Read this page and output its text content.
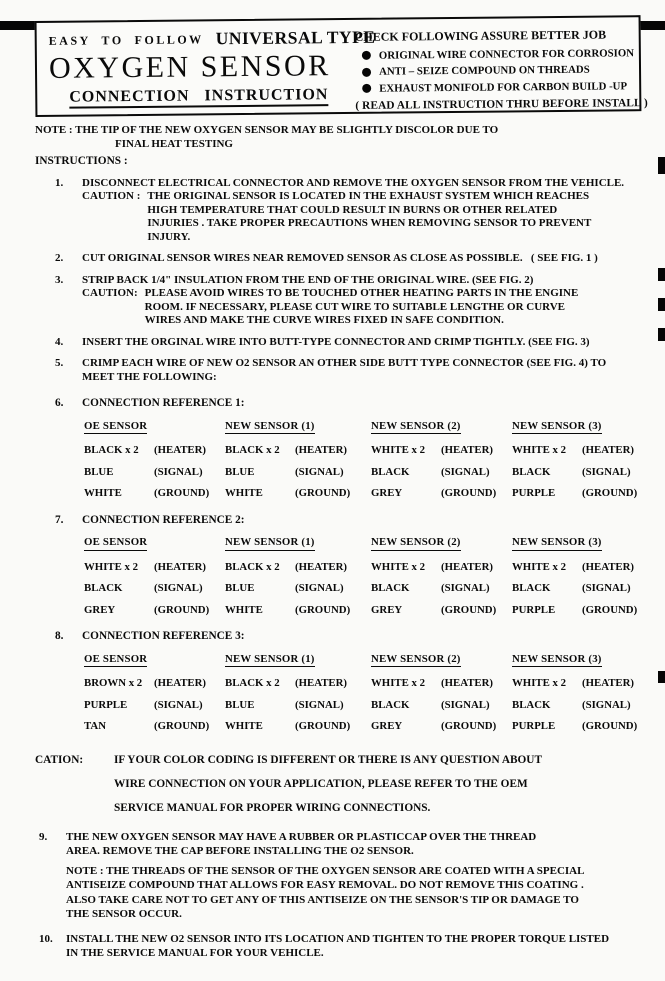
EASY  TO  FOLLOW UNIVERSAL TYPE
OXYGEN SENSOR
CONNECTION   INSTRUCTION
CHECK FOLLOWING ASSURE BETTER JOB
ORIGINAL WIRE CONNECTOR FOR CORROSION
ANTI – SEIZE COMPOUND ON THREADS
EXHAUST MONIFOLD FOR CARBON BUILD -UP
( READ ALL INSTRUCTION THRU BEFORE INSTALL )
NOTE : THE TIP OF THE NEW OXYGEN SENSOR MAY BE SLIGHTLY DISCOLOR DUE TO
FINAL HEAT TESTING
INSTRUCTIONS :
1.	DISCONNECT ELECTRICAL CONNECTOR AND REMOVE THE OXYGEN SENSOR FROM THE VEHICLE.
CAUTION : THE ORIGINAL SENSOR IS LOCATED IN THE EXHAUST SYSTEM WHICH REACHES HIGH TEMPERATURE THAT COULD RESULT IN BURNS OR OTHER RELATED INJURIES . TAKE PROPER PRECAUTIONS WHEN REMOVING SENSOR TO PREVENT INJURY.
2.	CUT ORIGINAL SENSOR WIRES NEAR REMOVED SENSOR AS CLOSE AS POSSIBLE.   ( SEE FIG. 1 )
3.	STRIP BACK 1/4" INSULATION FROM THE END OF THE ORIGINAL WIRE. (SEE FIG. 2)
CAUTION: PLEASE AVOID WIRES TO BE TOUCHED OTHER HEATING PARTS IN THE ENGINE ROOM. IF NECESSARY, PLEASE CUT WIRE TO SUITABLE LENGTHE OR CURVE WIRES AND MAKE THE CURVE WIRES FIXED IN SAFE CONDITION.
4.	INSERT THE ORGINAL WIRE INTO BUTT-TYPE CONNECTOR AND CRIMP TIGHTLY. (SEE FIG. 3)
5.	CRIMP EACH WIRE OF NEW O2 SENSOR AN OTHER SIDE BUTT TYPE CONNECTOR (SEE FIG. 4) TO MEET THE FOLLOWING:
6.	CONNECTION REFERENCE 1:
OE SENSOR	NEW SENSOR (1)	NEW SENSOR (2)	NEW SENSOR (3)
BLACK x 2 (HEATER)	BLACK x 2 (HEATER)	WHITE x 2 (HEATER)	WHITE x 2 (HEATER)
BLUE	(SIGNAL)	BLUE	(SIGNAL)	BLACK	(SIGNAL)	BLACK	(SIGNAL)
WHITE	(GROUND)	WHITE	(GROUND)	GREY	(GROUND)	PURPLE (GROUND)
7.	CONNECTION REFERENCE 2:
OE SENSOR	NEW SENSOR (1)	NEW SENSOR (2)	NEW SENSOR (3)
WHITE x 2 (HEATER)	BLACK x 2 (HEATER)	WHITE x 2 (HEATER)	WHITE x 2 (HEATER)
BLACK	(SIGNAL)	BLUE	(SIGNAL)	BLACK	(SIGNAL)	BLACK	(SIGNAL)
GREY	(GROUND)	WHITE	(GROUND)	GREY	(GROUND)	PURPLE (GROUND)
8.	CONNECTION REFERENCE 3:
OE SENSOR	NEW SENSOR (1)	NEW SENSOR (2)	NEW SENSOR (3)
BROWN x 2 (HEATER)	BLACK x 2 (HEATER)	WHITE x 2 (HEATER)	WHITE x 2 (HEATER)
PURPLE (SIGNAL)	BLUE	(SIGNAL)	BLACK	(SIGNAL)	BLACK	(SIGNAL)
TAN	(GROUND)	WHITE	(GROUND)	GREY	(GROUND)	PURPLE (GROUND)
CATION:	IF YOUR COLOR CODING IS DIFFERENT OR THERE IS ANY QUESTION ABOUT WIRE CONNECTION ON YOUR APPLICATION, PLEASE REFER TO THE OEM SERVICE MANUAL FOR PROPER WIRING CONNECTIONS.
9.	THE NEW OXYGEN SENSOR MAY HAVE A RUBBER OR PLASTICCAP OVER THE THREAD AREA. REMOVE THE CAP BEFORE INSTALLING THE O2 SENSOR.
NOTE : THE THREADS OF THE SENSOR OF THE OXYGEN SENSOR ARE COATED WITH A SPECIAL ANTISEIZE COMPOUND THAT ALLOWS FOR EASY REMOVAL. DO NOT REMOVE THIS COATING . ALSO TAKE CARE NOT TO GET ANY OF THIS ANTISEIZE ON THE SENSOR'S TIP OR DAMAGE TO THE SENSOR OCCUR.
10.	INSTALL THE NEW O2 SENSOR INTO ITS LOCATION AND TIGHTEN TO THE PROPER TORQUE LISTED IN THE SERVICE MANUAL FOR YOUR VEHICLE.
